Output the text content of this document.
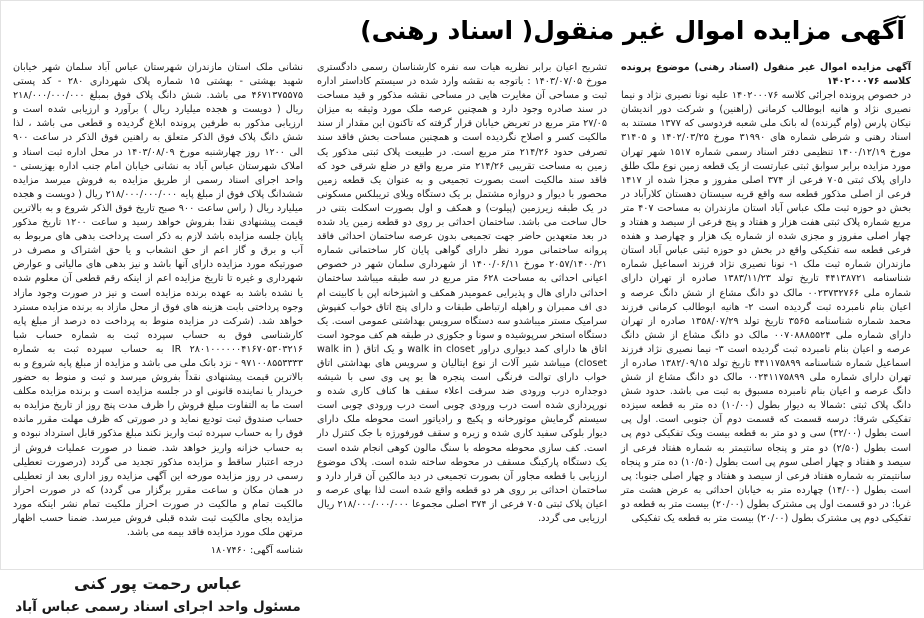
آگهی مزایده اموال غیر منقول( اسناد رهنی)

آگهی مزایده اموال غیر منقول (اسناد رهنی) موضوع پرونده کلاسه ۱۴۰۲۰۰۰۷۶

در خصوص پرونده اجرائی کلاسه ۱۴۰۲۰۰۰۷۶ علیه نونا نصیری نژاد و نیما نصیری نژاد و هانیه ابوطالب کرمانی (راهنین) و شرکت دور اندیشان نیکان پارس (وام گیرنده) له بانک ملی شعبه فردوسی که ۱۳۷۷ مستند به اسناد رهنی و شرطی شماره های ۳۱۹۹۰ مورخ ۱۴۰۲/۰۳/۲۵ و ۳۱۴۰۵ مورخ ۱۴۰۰/۱۲/۱۹ تنظیمی دفتر اسناد رسمی شماره ۱۵۱۷ شهر تهران مورد مزایده برابر سوابق ثبتی عبارتست از یک قطعه زمین نوع ملک طلق دارای پلاک ثبتی ۷۰۵ فرعی از ۳۷۴ اصلی مفروز و مجزا شده از ۱۴۱۷ فرعی از اصلی مذکور قطعه سه واقع قریه سیستان دهستان کلارآباد در بخش دو حوزه ثبت ملک عباس آباد استان مازندران به مساحت ۴۰۷ متر مربع شماره پلاک ثبتی هفت هزار و هفتاد و پنج فرعی از سیصد و هفتاد و چهار اصلی مفروز و مجزی شده از شماره یک هزار و چهارصد و هفده فرعی قطعه سه تفکیکی واقع در بخش دو حوزه ثبتی عباس آباد استان مازندران شماره ثبت ملک ۱- نونا نصیری نژاد فرزند اسماعیل شماره شناسنامه ۴۴۱۳۸۷۲۱ تاریخ تولد ۱۳۸۳/۱۱/۲۳ صادره از تهران دارای شماره ملی ۰۰۲۳۷۳۲۷۶۶ مالک دو دانگ مشاع از شش دانگ عرصه و اعیان بنام نامبرده ثبت گردیده است ۲- هانیه ابوطالب کرمانی فرزند محمد شماره شناسنامه ۳۵۶۵ تاریخ تولد ۱۳۵۸/۰۷/۲۹ صادره از تهران دارای شماره ملی ۰۰۷۰۸۸۸۵۵۲۴ مالک دو دانگ مشاع از شش دانگ عرصه و اعیان بنام نامبرده ثبت گردیده است ۳- نیما نصیری نژاد فرزند اسماعیل شماره شناسنامه ۴۴۱۱۷۵۸۹۹ تاریخ تولد ۱۳۸۲/۰۹/۱۵ صادره از تهران دارای شماره ملی ۰۰۲۴۱۱۷۵۸۹۹ مالک دو دانگ مشاع از شش دانگ عرصه و اعیان بنام نامبرده مسبوق به ثبت می باشد. حدود شش دانگ پلاک ثبتی :شمالا به دیوار بطول (۱۰/۰۰) ده متر به قطعه سیزده تفکیکی شرقا: درسه قسمت که قسمت دوم آن جنوبی است. اول پی است بطول (۳۲/۰۰) سی و دو متر به قطعه بیست ویک تفکیکی دوم پی است بطول (۲/۵۰) دو متر و پنجاه سانتیمتر به شماره هفتاد فرعی از سیصد و هفتاد و چهار اصلی سوم پی است بطول (۱۰/۵۰) ده متر و پنجاه سانتیمتر به شماره هفتاد فرعی از سیصد و هفتاد و چهار اصلی جنوبا: پی است بطول (۱۴/۰۰) چهارده متر به خیابان احداثی به عرض هشت متر غربا: در دو قسمت اول پی مشترک بطول (۲۰/۰۰) بیست متر به قطعه دو تفکیکی دوم پی مشترک بطول (۲۰/۰۰) بیست متر به قطعه یک تفکیکی

تشریح اعیان برابر نظریه هیات سه نفره کارشناسان رسمی دادگستری مورخ ۱۴۰۳/۰۷/۰۵ : باتوجه به نقشه وارد شده در سیستم کاداستر اداره ثبت و مساحی آن مغایرت هایی در مساحی نقشه مذکور و قید مساحت در سند صادره وجود دارد و همچنین عرصه ملک مورد وثیقه به میزان ۲۷/۰۵ متر مربع در تعریض خیابان قرار گرفته که تاکنون این مقدار از سند مالکیت کسر و اصلاح نگردیده است و همچنین مساحت بخش فاقد سند تصرفی حدود ۲۱۴/۲۶ متر مربع است. در طبیعت پلاک ثبتی مذکور یک زمین به مساحت تقریبی ۲۱۴/۲۶ متر مربع واقع در ضلع شرقی خود که فاقد سند مالکیت است بصورت تجمیعی و به عنوان یک قطعه زمین محصور با دیوار و دروازه مشتمل بر یک دستگاه ویلای تریبلکس مسکونی در یک طبقه زیرزمین (پیلوت) و همکف و اول بصورت اسکلت بتنی در حال ساخت می باشد. ساختمان احداثی بر روی دو قطعه زمین یاد شده در بعد متعهدین حاضر جهت تجمیعی بدون عرصه ساختمان احداثی فاقد پروانه ساختمانی مورد نظر دارای گواهی پایان کار ساختمانی شماره ۲۰۵۷/۱۴۰۰/۲۱ مورخ ۱۴۰۰/۰۶/۱۱ از شهرداری سلمان شهر در خصوص اعیانی احداثی به مساحت ۶۲۸ متر مربع در سه طبقه میباشد ساختمان احداثی دارای هال و پذیرایی عمومیدر همکف و اشپزخانه اپن با کابینت ام دی اف ممبران و راهپله ارتباطی طبقات و دارای پنج اتاق خواب کفپوش سرامیک مستر میباشدو سه دستگاه سرویس بهداشتی عمومی است. یک دستگاه استخر سرپوشیده و سونا و جکوزی در طبقه هم کف موجود است اتاق ها دارای کمد دیواری دراور walk in closet و یک اتاق ( walk in closet) میباشد شیر آلات از نوع ایتالیان و سرویس های بهداشتی اتاق خواب دارای توالت فرنگی است پنجره ها یو پی وی سی با شیشه دوجداره درب ورودی ضد سرقت اعلاء سقف ها کناف کاری شده و نورپردازی شده است درب ورودی چوبی است درب ورودی چوبی است سیستم گرمایش موتورخانه و پکیج و رادیاتور است محوطه ملک دارای دیوار بلوکی سفید کاری شده و زیره و سقف فورفورژه با جک کنترل دار است. کف سازی محوطه محوطه با سنگ مالون کوهی انجام شده است یک دستگاه پارکینگ مسقف در محوطه ساخته شده است. پلاک موضوع ارزیابی با قطعه مجاور آن بصورت تجمیعی در دید مالکین آن قرار دارد و ساختمان احداثی بر روی هر دو قطعه واقع شده است لذا بهای عرصه و اعیان پلاک ثبتی ۷۰۵ فرعی از ۳۷۴ اصلی مجموعا ۲۱۸/۰۰۰/۰۰۰/۰۰۰ ریال ارزیابی می گردد.

نشانی ملک استان مازندران شهرستان عباس آباد سلمان شهر خیابان شهید بهشتی - بهشتی ۱۵ شماره پلاک شهرداری ۲۸۰ - کد پستی ۴۶۷۱۳۷۵۵۷۵ می باشد. شش دانگ پلاک فوق بمبلغ ۲۱۸/۰۰۰/۰۰۰/۰۰۰ ریال ( دویست و هجده میلیارد ریال ) برآورد و ارزیابی شده است و ارزیابی مذکور به طرفین پرونده ابلاغ گردیده و قطعی می باشد ، لذا شش دانگ پلاک فوق الذکر متعلق به راهنین فوق الذکر در ساعت ۹۰۰ الی ۱۲۰۰ روز چهارشنبه مورخ ۱۴۰۳/۰۸/۰۹ در محل اداره ثبت اسناد و املاک شهرستان عباس آباد به نشانی خیابان امام جنب اداره بهزیستی - واحد اجرای اسناد رسمی از طریق مزایده به فروش میرسد مزایده ششدانگ پلاک فوق از مبلغ پایه ۲۱۸/۰۰۰/۰۰۰/۰۰۰ ریال ( دویست و هجده میلیارد ریال ( راس ساعت ۹۰۰ صبح تاریخ فوق الذکر شروع و به بالاترین قیمت پیشنهادی نقدا بفروش خواهد رسید و ساعت ۱۲۰۰ تاریخ مذکور پایان جلسه مزایده باشد لازم به ذکر است پرداخت بدهی های مربوط به آب و برق و گاز اعم از حق انشعاب و یا حق اشتراک و مصرف در صورتیکه مورد مزایده دارای آنها باشد و نیز بدهی های مالیاتی و عوارض شهرداری و غیره تا تاریخ مزایده اعم از اینکه رقم قطعی آن معلوم شده یا نشده باشد به عهده برنده مزایده است و نیز در صورت وجود مازاد وجوه پرداختی بابت هزینه های فوق از محل مازاد به برنده مزایده مسترد خواهد شد. (شرکت در مزایده منوط به پرداخت ده درصد از مبلغ پایه کارشناسی فوق به حساب سپرده ثبت به شماره حساب شبا ۲۸۰۱۰۰۰۰۰۰۴۱۶۷۰۵۳۰۳۲۱۶ IR به حساب سپرده ثبت به شماره ۹۷۱۰۰۸۵۵۳۳۳۳ - نزد بانک ملی می باشد و مزایده از مبلغ پایه شروع و به بالاترین قیمت پیشنهادی نقداً بفروش میرسد و ثبت و منوط به حضور خریدار یا نماینده قانونی او در جلسه مزایده است و برنده مزایده مکلف است ما به التفاوت مبلغ فروش را ظرف مدت پنج روز از تاریخ مزایده به حساب صندوق ثبت تودیع نماید و در صورتی که ظرف مهلت مقرر مانده فوق را به حساب سپرده ثبت واریز نکند مبلغ مذکور قابل استرداد نبوده و به حساب خزانه واریز خواهد شد. ضمنا در صورت عملیات فروش از درجه اعتبار ساقط و مزایده مذکور تجدید می گردد (درصورت تعطیلی رسمی در روز مزایده مورخه این آگهی مزایده روز اداری بعد از تعطیلی در همان مکان و ساعت مقرر برگزار می گردد) که در صورت احراز مالکیت تمام و مالکیت در صورت احراز ملکیت تمام نشر اینکه مورد مزایده بجای مالکیت ثبت شده قبلی فروش میرسد. ضمنا حسب اظهار مرتهن ملک مورد مزایده فاقد بیمه می باشد.

شناسه آگهی: ۱۸۰۷۴۶۰

عباس رحمت پور کنی
مسئول واحد اجرای اسناد رسمی عباس آباد
